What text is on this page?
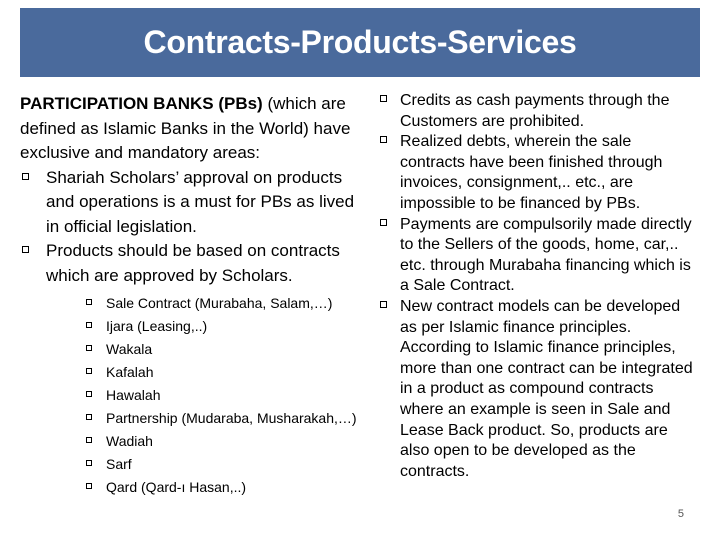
Contracts-Products-Services

PARTICIPATION BANKS (PBs) (which are defined as Islamic Banks in the World) have exclusive and mandatory areas:

Shariah Scholars’ approval on products and operations is a must for PBs as lived in official legislation.
Products should be based on contracts which are approved by Scholars.
Sale Contract (Murabaha, Salam,…)
Ijara (Leasing,..)
Wakala
Kafalah
Hawalah
Partnership (Mudaraba, Musharakah,…)
Wadiah
Sarf
Qard (Qard-ı Hasan,..)
Credits as cash payments through the Customers are prohibited.
Realized debts, wherein the sale contracts have been finished through invoices, consignment,.. etc., are impossible to be financed by PBs.
Payments are compulsorily made directly to the Sellers of the goods, home, car,.. etc. through Murabaha financing which is a Sale Contract.
New contract models can be developed as per Islamic finance principles. According to Islamic finance principles, more than one contract can be integrated in a product as compound contracts where an example is seen in Sale and Lease Back product. So, products are also open to be developed as the contracts.
5
